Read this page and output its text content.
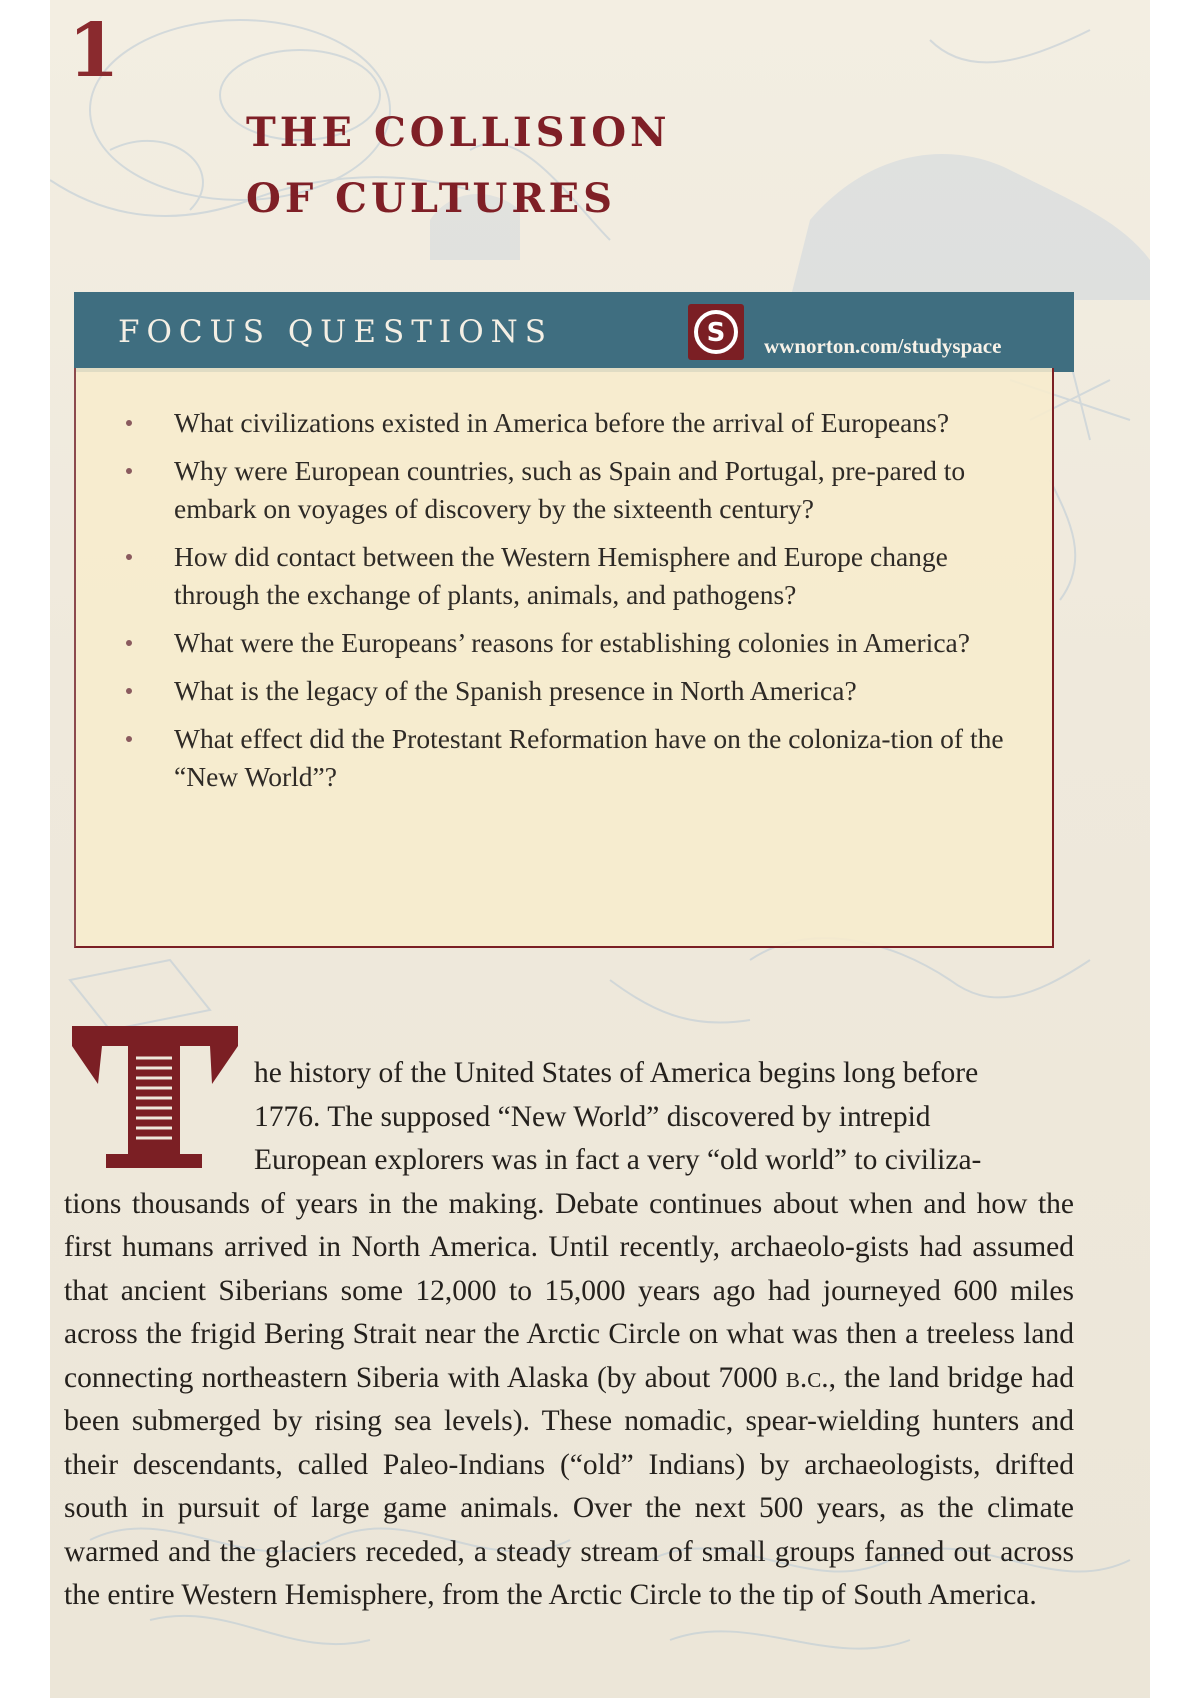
1
THE COLLISION
OF CULTURES
FOCUS QUESTIONS	S wwnorton.com/studyspace
What civilizations existed in America before the arrival of Europeans?
Why were European countries, such as Spain and Portugal, pre-pared to embark on voyages of discovery by the sixteenth century?
How did contact between the Western Hemisphere and Europe change through the exchange of plants, animals, and pathogens?
What were the Europeans’ reasons for establishing colonies in America?
What is the legacy of the Spanish presence in North America?
What effect did the Protestant Reformation have on the coloniza-tion of the “New World”?
T
he history of the United States of America begins long before
1776. The supposed “New World” discovered by intrepid
European explorers was in fact a very “old world” to civiliza-
tions thousands of years in the making. Debate continues about when and how the first humans arrived in North America. Until recently, archaeolo-gists had assumed that ancient Siberians some 12,000 to 15,000 years ago had journeyed 600 miles across the frigid Bering Strait near the Arctic Circle on what was then a treeless land connecting northeastern Siberia with Alaska (by about 7000 b.c., the land bridge had been submerged by rising sea levels). These nomadic, spear-wielding hunters and their descendants, called Paleo-Indians (“old” Indians) by archaeologists, drifted south in pursuit of large game animals. Over the next 500 years, as the climate warmed and the glaciers receded, a steady stream of small groups fanned out across the entire Western Hemisphere, from the Arctic Circle to the tip of South America.
